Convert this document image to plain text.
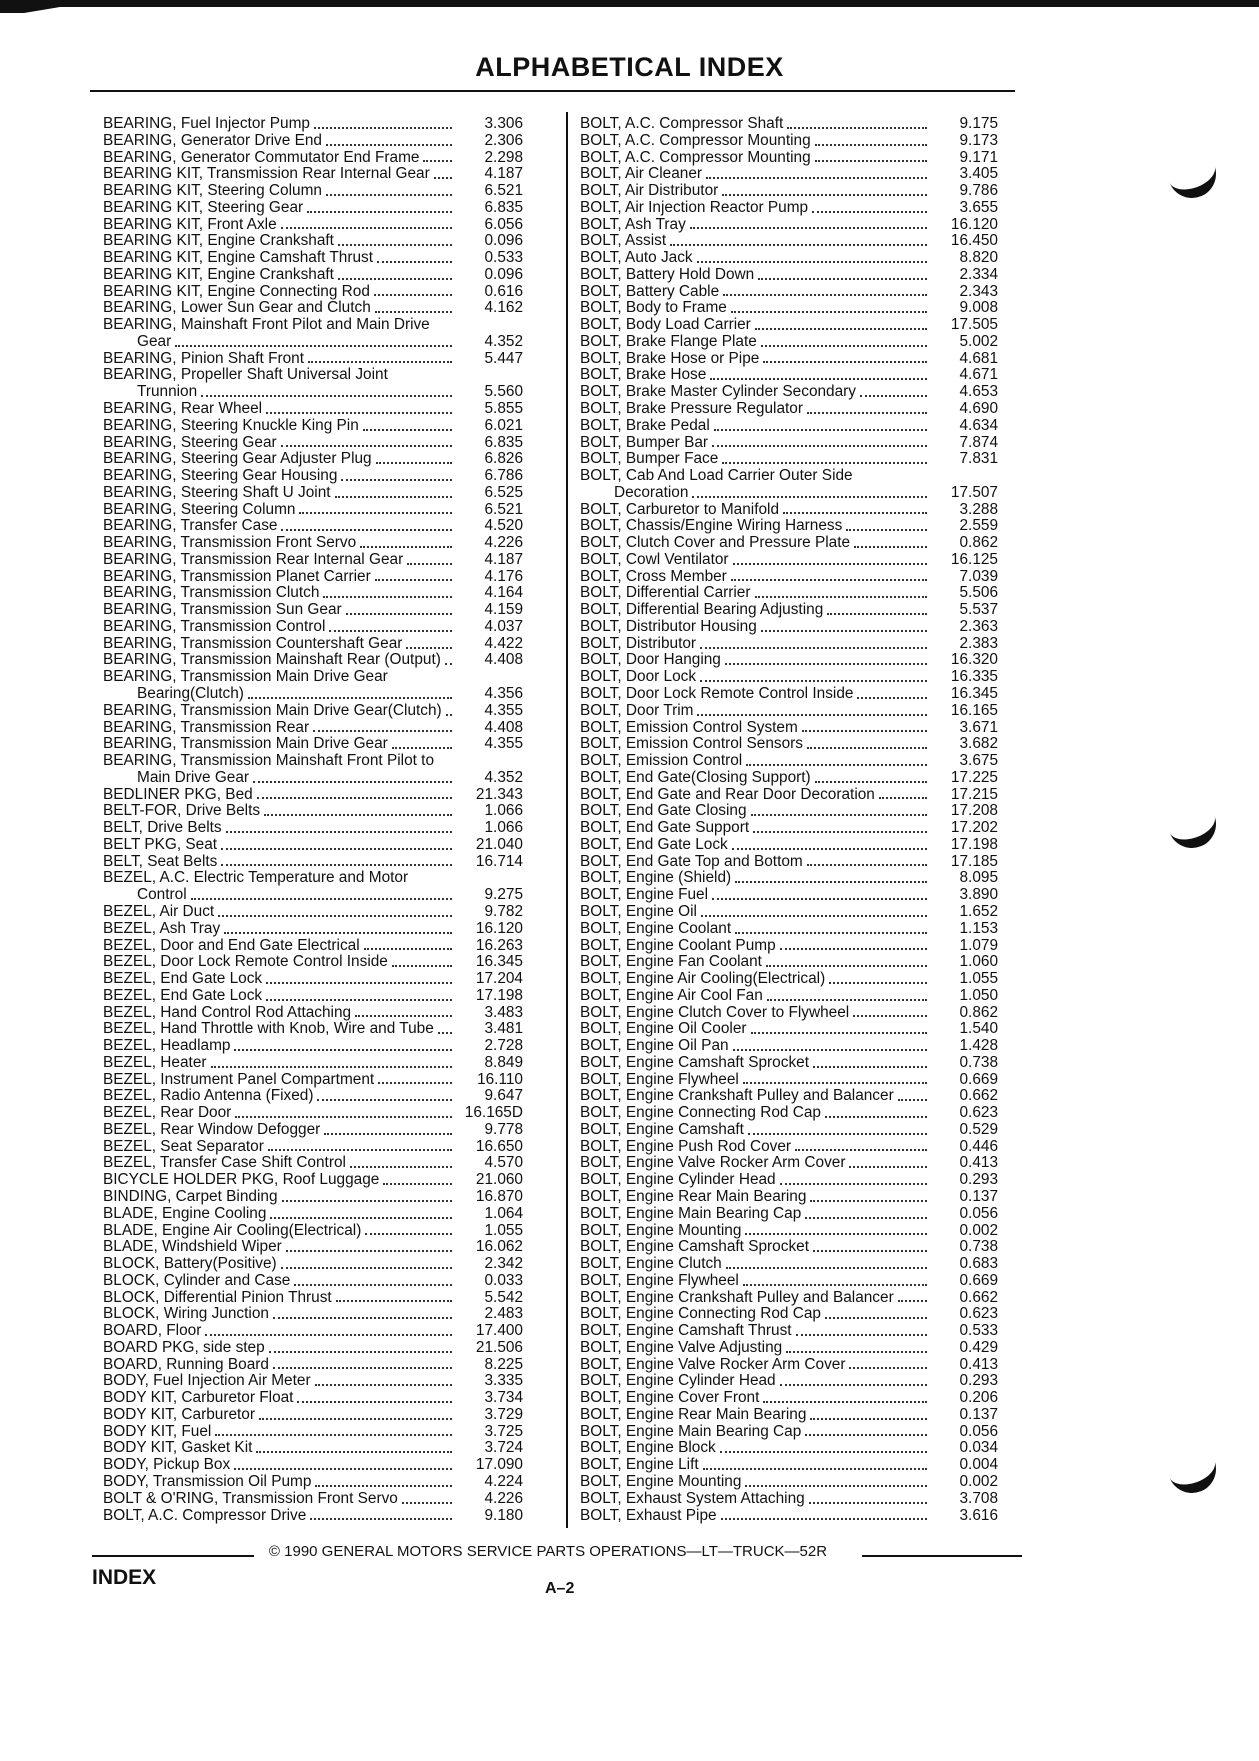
ALPHABETICAL INDEX
BEARING, Fuel Injector Pump	3.306
BEARING, Generator Drive End	2.306
BEARING, Generator Commutator End Frame	2.298
BEARING KIT, Transmission Rear Internal Gear	4.187
BEARING KIT, Steering Column	6.521
BEARING KIT, Steering Gear	6.835
BEARING KIT, Front Axle	6.056
BEARING KIT, Engine Crankshaft	0.096
BEARING KIT, Engine Camshaft Thrust	0.533
BEARING KIT, Engine Crankshaft	0.096
BEARING KIT, Engine Connecting Rod	0.616
BEARING, Lower Sun Gear and Clutch	4.162
BEARING, Mainshaft Front Pilot and Main Drive
Gear	4.352
BEARING, Pinion Shaft Front	5.447
BEARING, Propeller Shaft Universal Joint
Trunnion	5.560
BEARING, Rear Wheel	5.855
BEARING, Steering Knuckle King Pin	6.021
BEARING, Steering Gear	6.835
BEARING, Steering Gear Adjuster Plug	6.826
BEARING, Steering Gear Housing	6.786
BEARING, Steering Shaft U Joint	6.525
BEARING, Steering Column	6.521
BEARING, Transfer Case	4.520
BEARING, Transmission Front Servo	4.226
BEARING, Transmission Rear Internal Gear	4.187
BEARING, Transmission Planet Carrier	4.176
BEARING, Transmission Clutch	4.164
BEARING, Transmission Sun Gear	4.159
BEARING, Transmission Control	4.037
BEARING, Transmission Countershaft Gear	4.422
BEARING, Transmission Mainshaft Rear (Output)	4.408
BEARING, Transmission Main Drive Gear
Bearing(Clutch)	4.356
BEARING, Transmission Main Drive Gear(Clutch)	4.355
BEARING, Transmission Rear	4.408
BEARING, Transmission Main Drive Gear	4.355
BEARING, Transmission Mainshaft Front Pilot to
Main Drive Gear	4.352
BEDLINER PKG, Bed	21.343
BELT-FOR, Drive Belts	1.066
BELT, Drive Belts	1.066
BELT PKG, Seat	21.040
BELT, Seat Belts	16.714
BEZEL, A.C. Electric Temperature and Motor
Control	9.275
BEZEL, Air Duct	9.782
BEZEL, Ash Tray	16.120
BEZEL, Door and End Gate Electrical	16.263
BEZEL, Door Lock Remote Control Inside	16.345
BEZEL, End Gate Lock	17.204
BEZEL, End Gate Lock	17.198
BEZEL, Hand Control Rod Attaching	3.483
BEZEL, Hand Throttle with Knob, Wire and Tube	3.481
BEZEL, Headlamp	2.728
BEZEL, Heater	8.849
BEZEL, Instrument Panel Compartment	16.110
BEZEL, Radio Antenna (Fixed)	9.647
BEZEL, Rear Door	16.165D
BEZEL, Rear Window Defogger	9.778
BEZEL, Seat Separator	16.650
BEZEL, Transfer Case Shift Control	4.570
BICYCLE HOLDER PKG, Roof Luggage	21.060
BINDING, Carpet Binding	16.870
BLADE, Engine Cooling	1.064
BLADE, Engine Air Cooling(Electrical)	1.055
BLADE, Windshield Wiper	16.062
BLOCK, Battery(Positive)	2.342
BLOCK, Cylinder and Case	0.033
BLOCK, Differential Pinion Thrust	5.542
BLOCK, Wiring Junction	2.483
BOARD, Floor	17.400
BOARD PKG, side step	21.506
BOARD, Running Board	8.225
BODY, Fuel Injection Air Meter	3.335
BODY KIT, Carburetor Float	3.734
BODY KIT, Carburetor	3.729
BODY KIT, Fuel	3.725
BODY KIT, Gasket Kit	3.724
BODY, Pickup Box	17.090
BODY, Transmission Oil Pump	4.224
BOLT & O'RING, Transmission Front Servo	4.226
BOLT, A.C. Compressor Drive	9.180
BOLT, A.C. Compressor Shaft	9.175
BOLT, A.C. Compressor Mounting	9.173
BOLT, A.C. Compressor Mounting	9.171
BOLT, Air Cleaner	3.405
BOLT, Air Distributor	9.786
BOLT, Air Injection Reactor Pump	3.655
BOLT, Ash Tray	16.120
BOLT, Assist	16.450
BOLT, Auto Jack	8.820
BOLT, Battery Hold Down	2.334
BOLT, Battery Cable	2.343
BOLT, Body to Frame	9.008
BOLT, Body Load Carrier	17.505
BOLT, Brake Flange Plate	5.002
BOLT, Brake Hose or Pipe	4.681
BOLT, Brake Hose	4.671
BOLT, Brake Master Cylinder Secondary	4.653
BOLT, Brake Pressure Regulator	4.690
BOLT, Brake Pedal	4.634
BOLT, Bumper Bar	7.874
BOLT, Bumper Face	7.831
BOLT, Cab And Load Carrier Outer Side
Decoration	17.507
BOLT, Carburetor to Manifold	3.288
BOLT, Chassis/Engine Wiring Harness	2.559
BOLT, Clutch Cover and Pressure Plate	0.862
BOLT, Cowl Ventilator	16.125
BOLT, Cross Member	7.039
BOLT, Differential Carrier	5.506
BOLT, Differential Bearing Adjusting	5.537
BOLT, Distributor Housing	2.363
BOLT, Distributor	2.383
BOLT, Door Hanging	16.320
BOLT, Door Lock	16.335
BOLT, Door Lock Remote Control Inside	16.345
BOLT, Door Trim	16.165
BOLT, Emission Control System	3.671
BOLT, Emission Control Sensors	3.682
BOLT, Emission Control	3.675
BOLT, End Gate(Closing Support)	17.225
BOLT, End Gate and Rear Door Decoration	17.215
BOLT, End Gate Closing	17.208
BOLT, End Gate Support	17.202
BOLT, End Gate Lock	17.198
BOLT, End Gate Top and Bottom	17.185
BOLT, Engine (Shield)	8.095
BOLT, Engine Fuel	3.890
BOLT, Engine Oil	1.652
BOLT, Engine Coolant	1.153
BOLT, Engine Coolant Pump	1.079
BOLT, Engine Fan Coolant	1.060
BOLT, Engine Air Cooling(Electrical)	1.055
BOLT, Engine Air Cool Fan	1.050
BOLT, Engine Clutch Cover to Flywheel	0.862
BOLT, Engine Oil Cooler	1.540
BOLT, Engine Oil Pan	1.428
BOLT, Engine Camshaft Sprocket	0.738
BOLT, Engine Flywheel	0.669
BOLT, Engine Crankshaft Pulley and Balancer	0.662
BOLT, Engine Connecting Rod Cap	0.623
BOLT, Engine Camshaft	0.529
BOLT, Engine Push Rod Cover	0.446
BOLT, Engine Valve Rocker Arm Cover	0.413
BOLT, Engine Cylinder Head	0.293
BOLT, Engine Rear Main Bearing	0.137
BOLT, Engine Main Bearing Cap	0.056
BOLT, Engine Mounting	0.002
BOLT, Engine Camshaft Sprocket	0.738
BOLT, Engine Clutch	0.683
BOLT, Engine Flywheel	0.669
BOLT, Engine Crankshaft Pulley and Balancer	0.662
BOLT, Engine Connecting Rod Cap	0.623
BOLT, Engine Camshaft Thrust	0.533
BOLT, Engine Valve Adjusting	0.429
BOLT, Engine Valve Rocker Arm Cover	0.413
BOLT, Engine Cylinder Head	0.293
BOLT, Engine Cover Front	0.206
BOLT, Engine Rear Main Bearing	0.137
BOLT, Engine Main Bearing Cap	0.056
BOLT, Engine Block	0.034
BOLT, Engine Lift	0.004
BOLT, Engine Mounting	0.002
BOLT, Exhaust System Attaching	3.708
BOLT, Exhaust Pipe	3.616
© 1990 GENERAL MOTORS SERVICE PARTS OPERATIONS—LT—TRUCK—52R
INDEX	A–2
